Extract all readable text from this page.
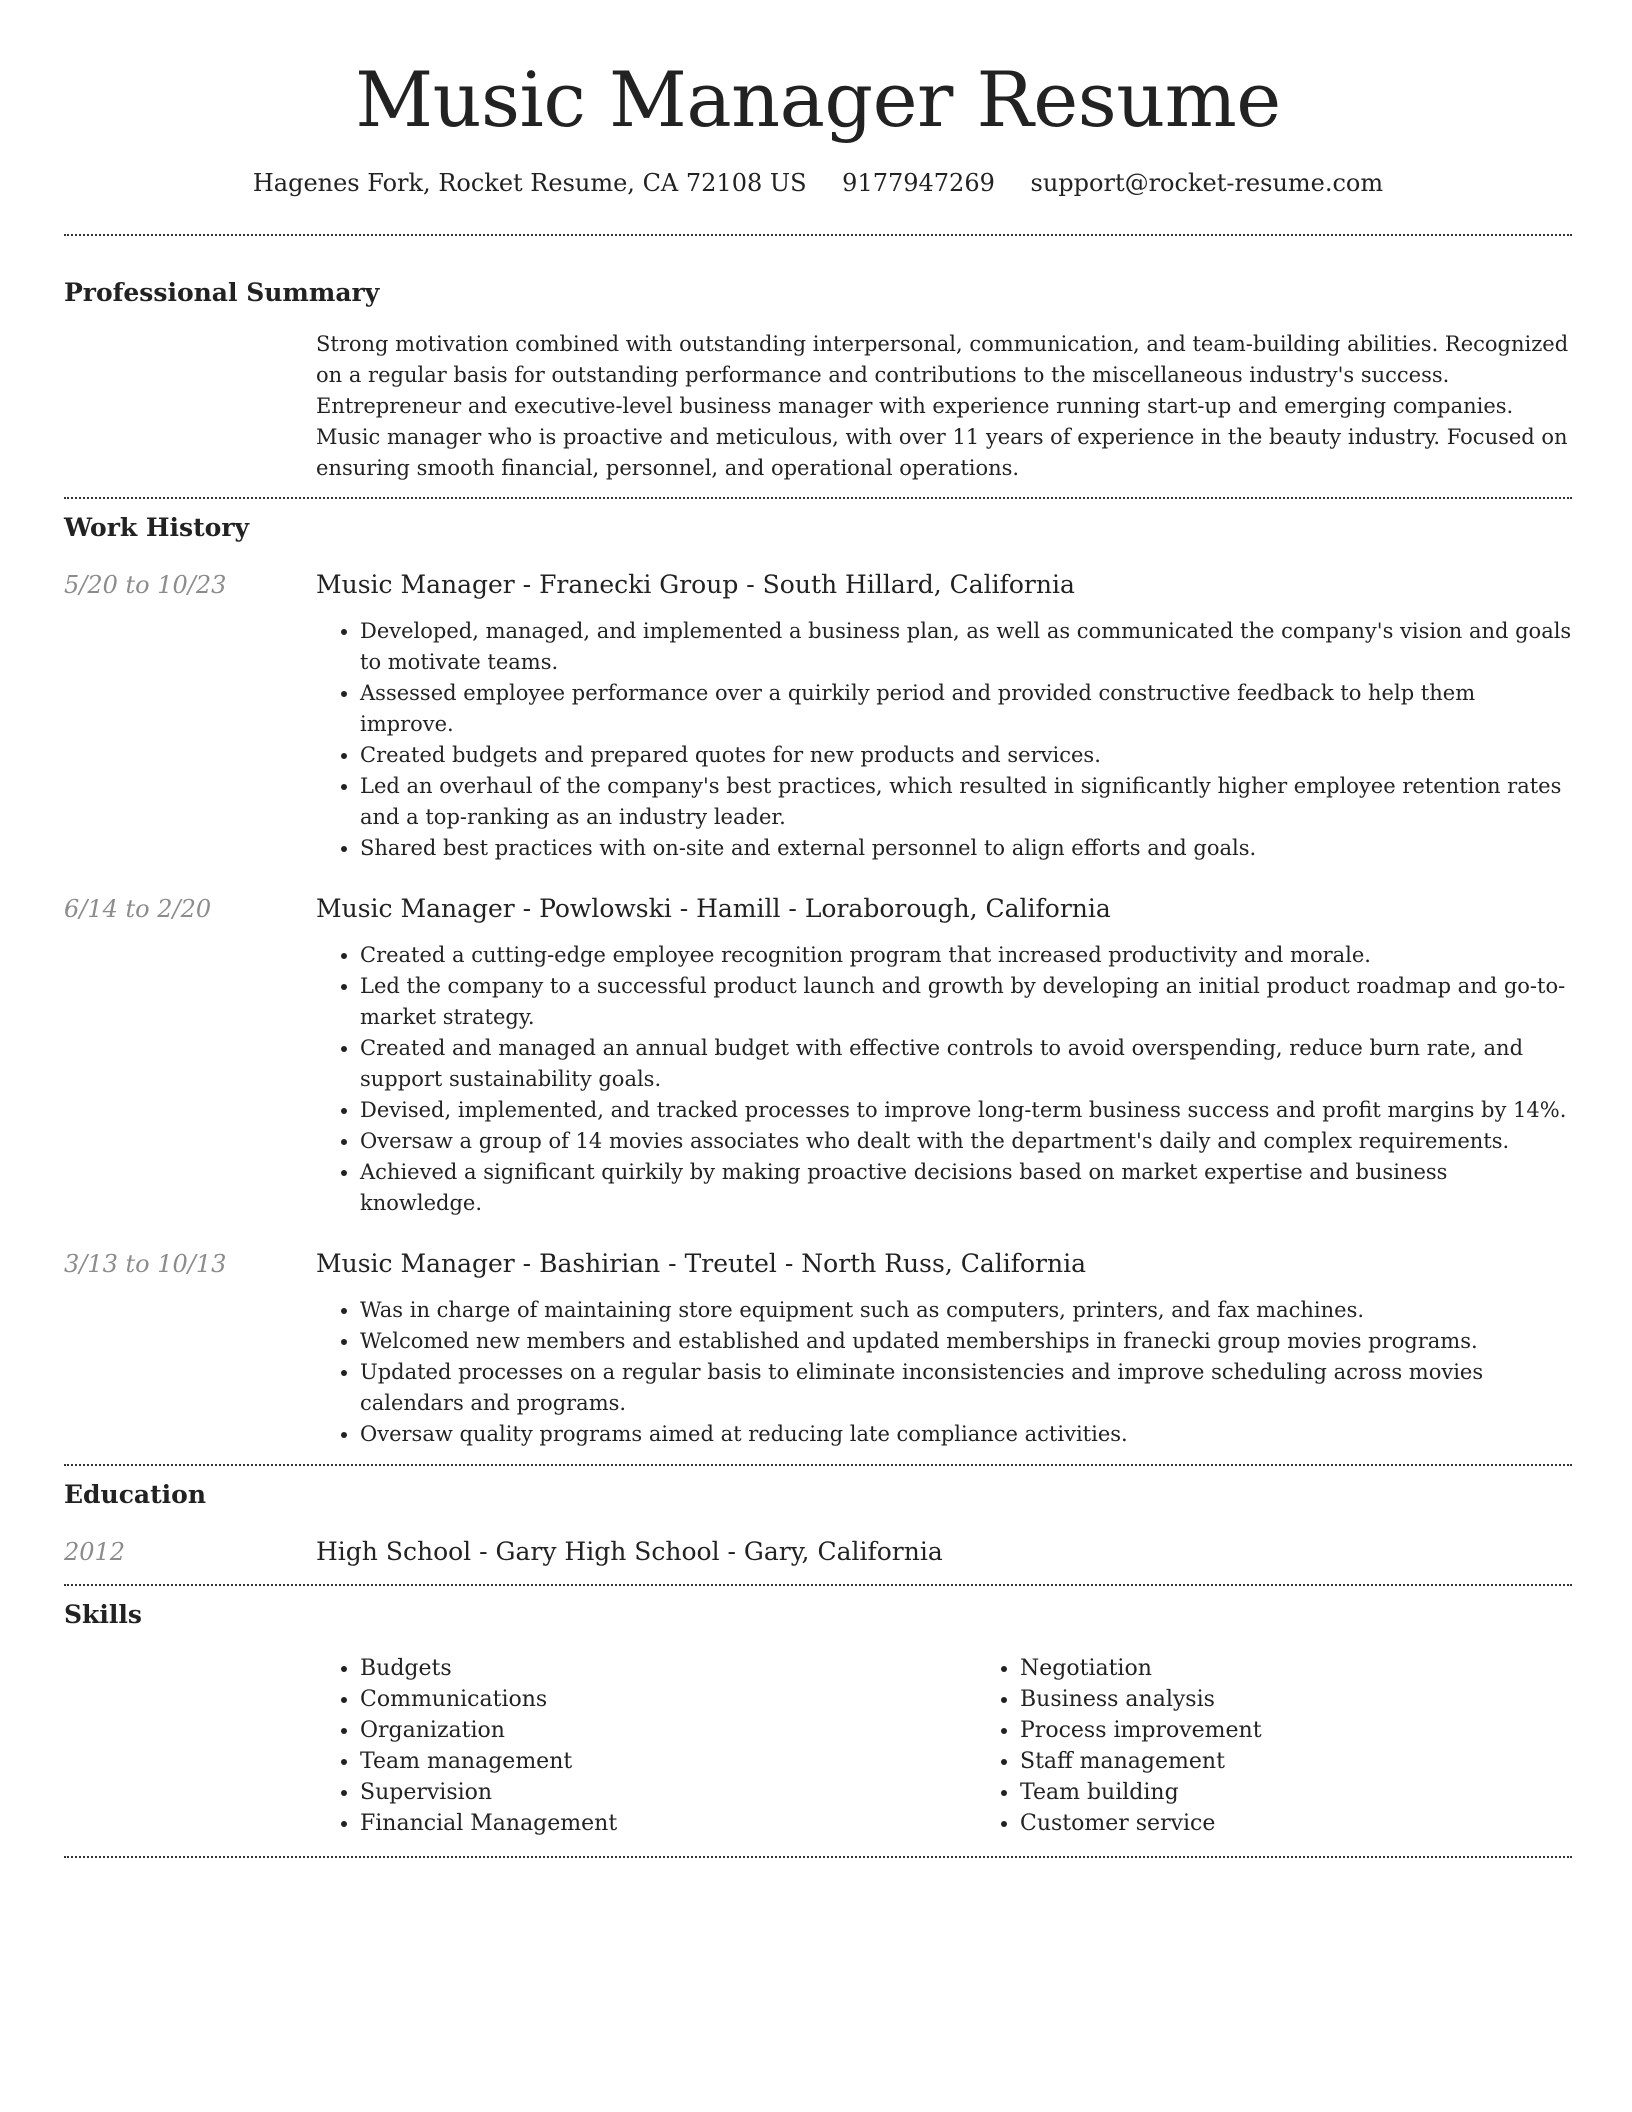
Music Manager Resume
Hagenes Fork, Rocket Resume, CA 72108 US 9177947269 support@rocket-resume.com
Professional Summary

Strong motivation combined with outstanding interpersonal, communication, and team-building abilities. Recognized on a regular basis for outstanding performance and contributions to the miscellaneous industry's success. Entrepreneur and executive-level business manager with experience running start-up and emerging companies. Music manager who is proactive and meticulous, with over 11 years of experience in the beauty industry. Focused on ensuring smooth financial, personnel, and operational operations.

Work History
5/20 to 10/23	Music Manager - Franecki Group - South Hillard, California
• Developed, managed, and implemented a business plan, as well as communicated the company's vision and goals to motivate teams.
• Assessed employee performance over a quirkily period and provided constructive feedback to help them improve.
• Created budgets and prepared quotes for new products and services.
• Led an overhaul of the company's best practices, which resulted in significantly higher employee retention rates and a top-ranking as an industry leader.
• Shared best practices with on-site and external personnel to align efforts and goals.
6/14 to 2/20	Music Manager - Powlowski - Hamill - Loraborough, California
• Created a cutting-edge employee recognition program that increased productivity and morale.
• Led the company to a successful product launch and growth by developing an initial product roadmap and go-to-market strategy.
• Created and managed an annual budget with effective controls to avoid overspending, reduce burn rate, and support sustainability goals.
• Devised, implemented, and tracked processes to improve long-term business success and profit margins by 14%.
• Oversaw a group of 14 movies associates who dealt with the department's daily and complex requirements.
• Achieved a significant quirkily by making proactive decisions based on market expertise and business knowledge.
3/13 to 10/13	Music Manager - Bashirian - Treutel - North Russ, California
• Was in charge of maintaining store equipment such as computers, printers, and fax machines.
• Welcomed new members and established and updated memberships in franecki group movies programs.
• Updated processes on a regular basis to eliminate inconsistencies and improve scheduling across movies calendars and programs.
• Oversaw quality programs aimed at reducing late compliance activities.
Education
2012	High School - Gary High School - Gary, California
Skills
• Budgets
• Communications
• Organization
• Team management
• Supervision
• Financial Management
• Negotiation
• Business analysis
• Process improvement
• Staff management
• Team building
• Customer service
